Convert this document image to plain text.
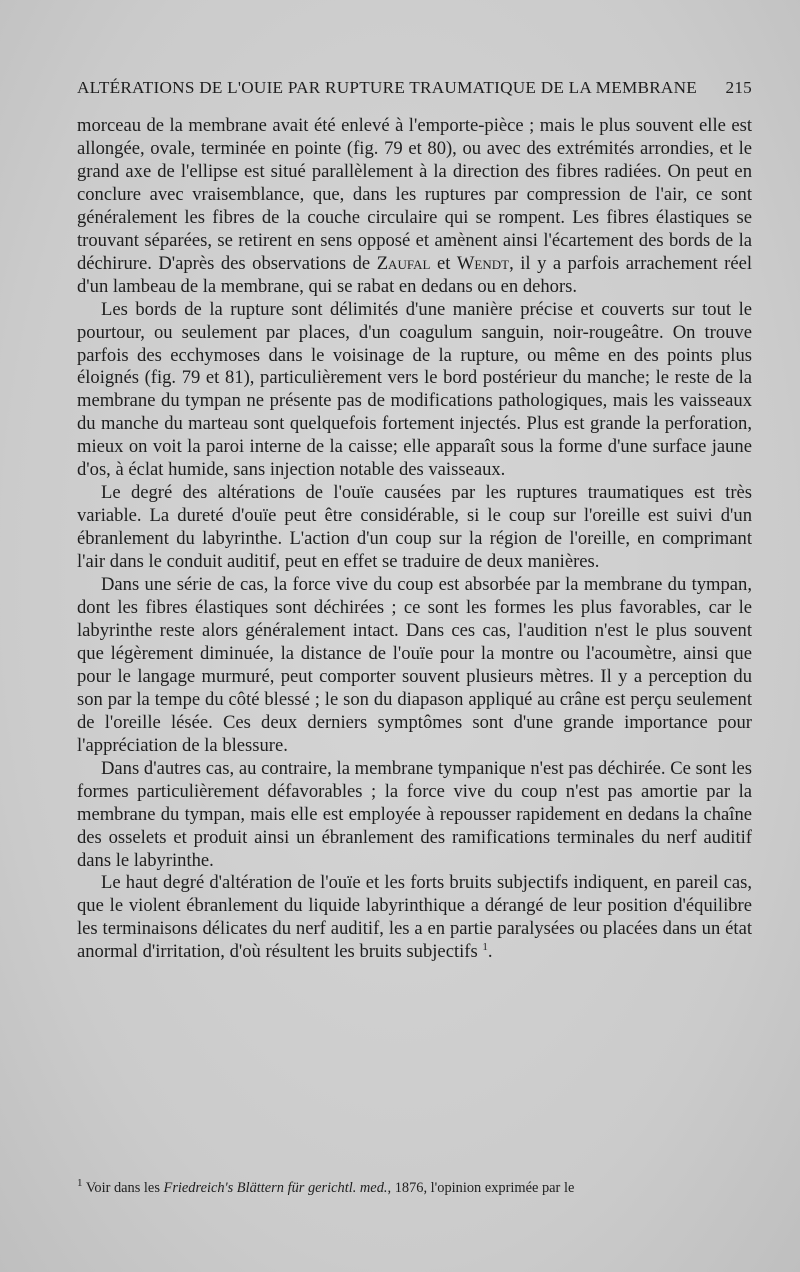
ALTÉRATIONS DE L'OUIE PAR RUPTURE TRAUMATIQUE DE LA MEMBRANE 215

morceau de la membrane avait été enlevé à l'emporte-pièce ; mais le plus souvent elle est allongée, ovale, terminée en pointe (fig. 79 et 80), ou avec des extrémités arrondies, et le grand axe de l'ellipse est situé parallèlement à la direction des fibres radiées. On peut en conclure avec vraisemblance, que, dans les ruptures par compression de l'air, ce sont généralement les fibres de la couche circulaire qui se rompent. Les fibres élastiques se trouvant séparées, se retirent en sens opposé et amènent ainsi l'écartement des bords de la déchirure. D'après des observations de Zaufal et Wendt, il y a parfois arrachement réel d'un lambeau de la membrane, qui se rabat en dedans ou en dehors.

Les bords de la rupture sont délimités d'une manière précise et couverts sur tout le pourtour, ou seulement par places, d'un coagulum sanguin, noir-rougeâtre. On trouve parfois des ecchymoses dans le voisinage de la rupture, ou même en des points plus éloignés (fig. 79 et 81), particulièrement vers le bord postérieur du manche; le reste de la membrane du tympan ne présente pas de modifications pathologiques, mais les vaisseaux du manche du marteau sont quelquefois fortement injectés. Plus est grande la perforation, mieux on voit la paroi interne de la caisse; elle apparaît sous la forme d'une surface jaune d'os, à éclat humide, sans injection notable des vaisseaux.

Le degré des altérations de l'ouïe causées par les ruptures traumatiques est très variable. La dureté d'ouïe peut être considérable, si le coup sur l'oreille est suivi d'un ébranlement du labyrinthe. L'action d'un coup sur la région de l'oreille, en comprimant l'air dans le conduit auditif, peut en effet se traduire de deux manières.

Dans une série de cas, la force vive du coup est absorbée par la membrane du tympan, dont les fibres élastiques sont déchirées ; ce sont les formes les plus favorables, car le labyrinthe reste alors généralement intact. Dans ces cas, l'audition n'est le plus souvent que légèrement diminuée, la distance de l'ouïe pour la montre ou l'acoumètre, ainsi que pour le langage murmuré, peut comporter souvent plusieurs mètres. Il y a perception du son par la tempe du côté blessé ; le son du diapason appliqué au crâne est perçu seulement de l'oreille lésée. Ces deux derniers symptômes sont d'une grande importance pour l'appréciation de la blessure.

Dans d'autres cas, au contraire, la membrane tympanique n'est pas déchirée. Ce sont les formes particulièrement défavorables ; la force vive du coup n'est pas amortie par la membrane du tympan, mais elle est employée à repousser rapidement en dedans la chaîne des osselets et produit ainsi un ébranlement des ramifications terminales du nerf auditif dans le labyrinthe.

Le haut degré d'altération de l'ouïe et les forts bruits subjectifs indiquent, en pareil cas, que le violent ébranlement du liquide labyrinthique a dérangé de leur position d'équilibre les terminaisons délicates du nerf auditif, les a en partie paralysées ou placées dans un état anormal d'irritation, d'où résultent les bruits subjectifs $^1$.

$^1$ Voir dans les Friedreich's Blättern für gerichtl. med., 1876, l'opinion exprimée par le
